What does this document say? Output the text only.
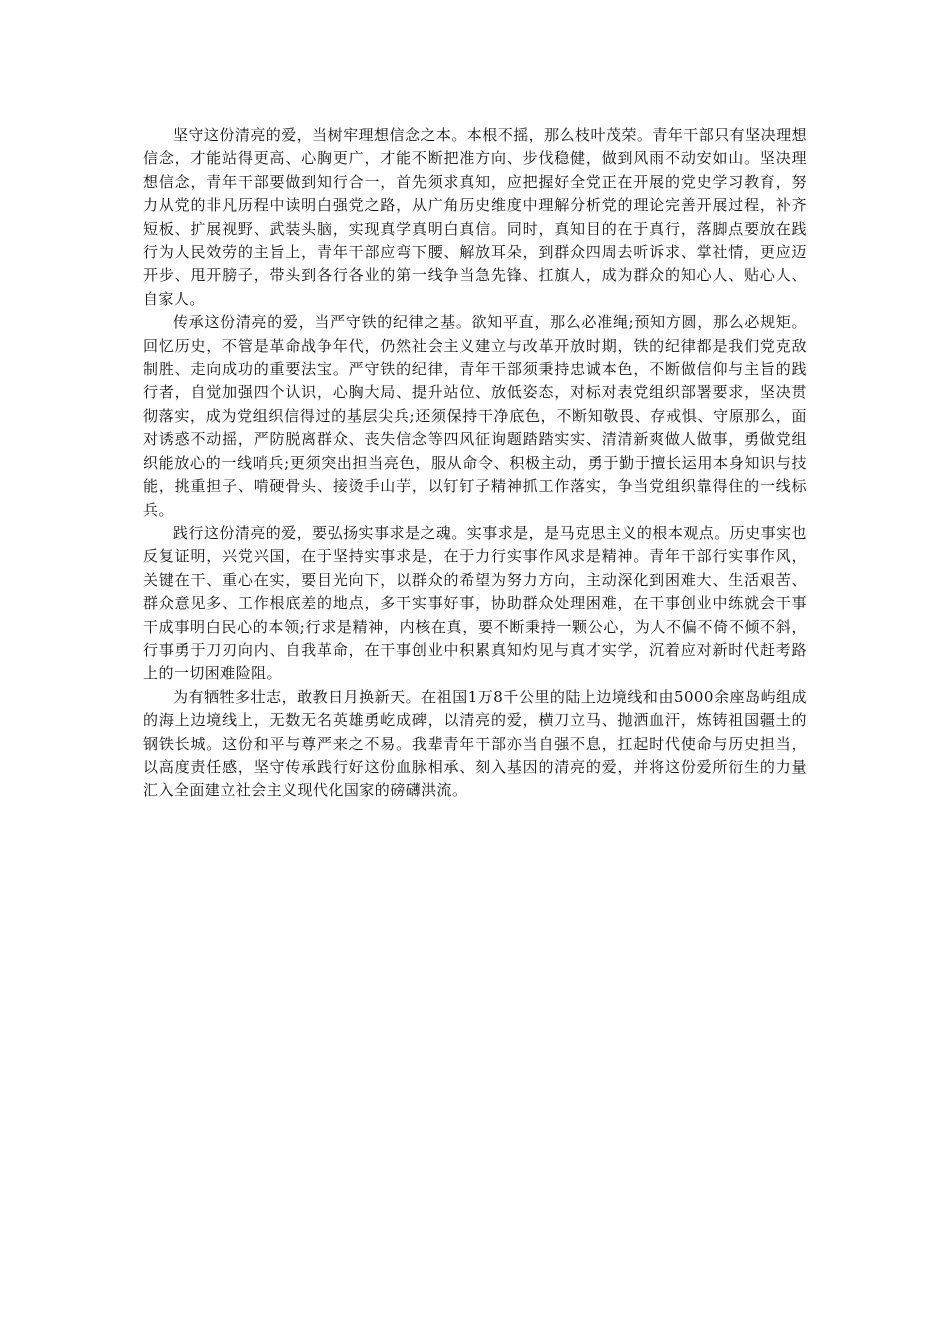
坚守这份清亮的爱，当树牢理想信念之本。本根不摇，那么枝叶茂荣。青年干部只有坚决理想信念，才能站得更高、心胸更广，才能不断把准方向、步伐稳健，做到风雨不动安如山。坚决理想信念，青年干部要做到知行合一，首先须求真知，应把握好全党正在开展的党史学习教育，努力从党的非凡历程中读明白强党之路，从广角历史维度中理解分析党的理论完善开展过程，补齐短板、扩展视野、武装头脑，实现真学真明白真信。同时，真知目的在于真行，落脚点要放在践行为人民效劳的主旨上，青年干部应弯下腰、解放耳朵，到群众四周去听诉求、掌社情，更应迈开步、甩开膀子，带头到各行各业的第一线争当急先锋、扛旗人，成为群众的知心人、贴心人、自家人。

传承这份清亮的爱，当严守铁的纪律之基。欲知平直，那么必准绳;预知方圆，那么必规矩。回忆历史，不管是革命战争年代，仍然社会主义建立与改革开放时期，铁的纪律都是我们党克敌制胜、走向成功的重要法宝。严守铁的纪律，青年干部须秉持忠诚本色，不断做信仰与主旨的践行者，自觉加强四个认识，心胸大局、提升站位、放低姿态，对标对表党组织部署要求，坚决贯彻落实，成为党组织信得过的基层尖兵;还须保持干净底色，不断知敬畏、存戒惧、守原那么，面对诱惑不动摇，严防脱离群众、丧失信念等四风征询题踏踏实实、清清新爽做人做事，勇做党组织能放心的一线哨兵;更须突出担当亮色，服从命令、积极主动，勇于勤于擅长运用本身知识与技能，挑重担子、啃硬骨头、接烫手山芋，以钉钉子精神抓工作落实，争当党组织靠得住的一线标兵。

践行这份清亮的爱，要弘扬实事求是之魂。实事求是，是马克思主义的根本观点。历史事实也反复证明，兴党兴国，在于坚持实事求是，在于力行实事作风求是精神。青年干部行实事作风，关键在干、重心在实，要目光向下，以群众的希望为努力方向，主动深化到困难大、生活艰苦、群众意见多、工作根底差的地点，多干实事好事，协助群众处理困难，在干事创业中练就会干事干成事明白民心的本领;行求是精神，内核在真，要不断秉持一颗公心，为人不偏不倚不倾不斜，行事勇于刀刃向内、自我革命，在干事创业中积累真知灼见与真才实学，沉着应对新时代赶考路上的一切困难险阻。

为有牺牲多壮志，敢教日月换新天。在祖国1万8千公里的陆上边境线和由5000余座岛屿组成的海上边境线上，无数无名英雄勇屹成碑，以清亮的爱，横刀立马、抛洒血汗，炼铸祖国疆土的钢铁长城。这份和平与尊严来之不易。我辈青年干部亦当自强不息，扛起时代使命与历史担当，以高度责任感，坚守传承践行好这份血脉相承、刻入基因的清亮的爱，并将这份爱所衍生的力量汇入全面建立社会主义现代化国家的磅礴洪流。
